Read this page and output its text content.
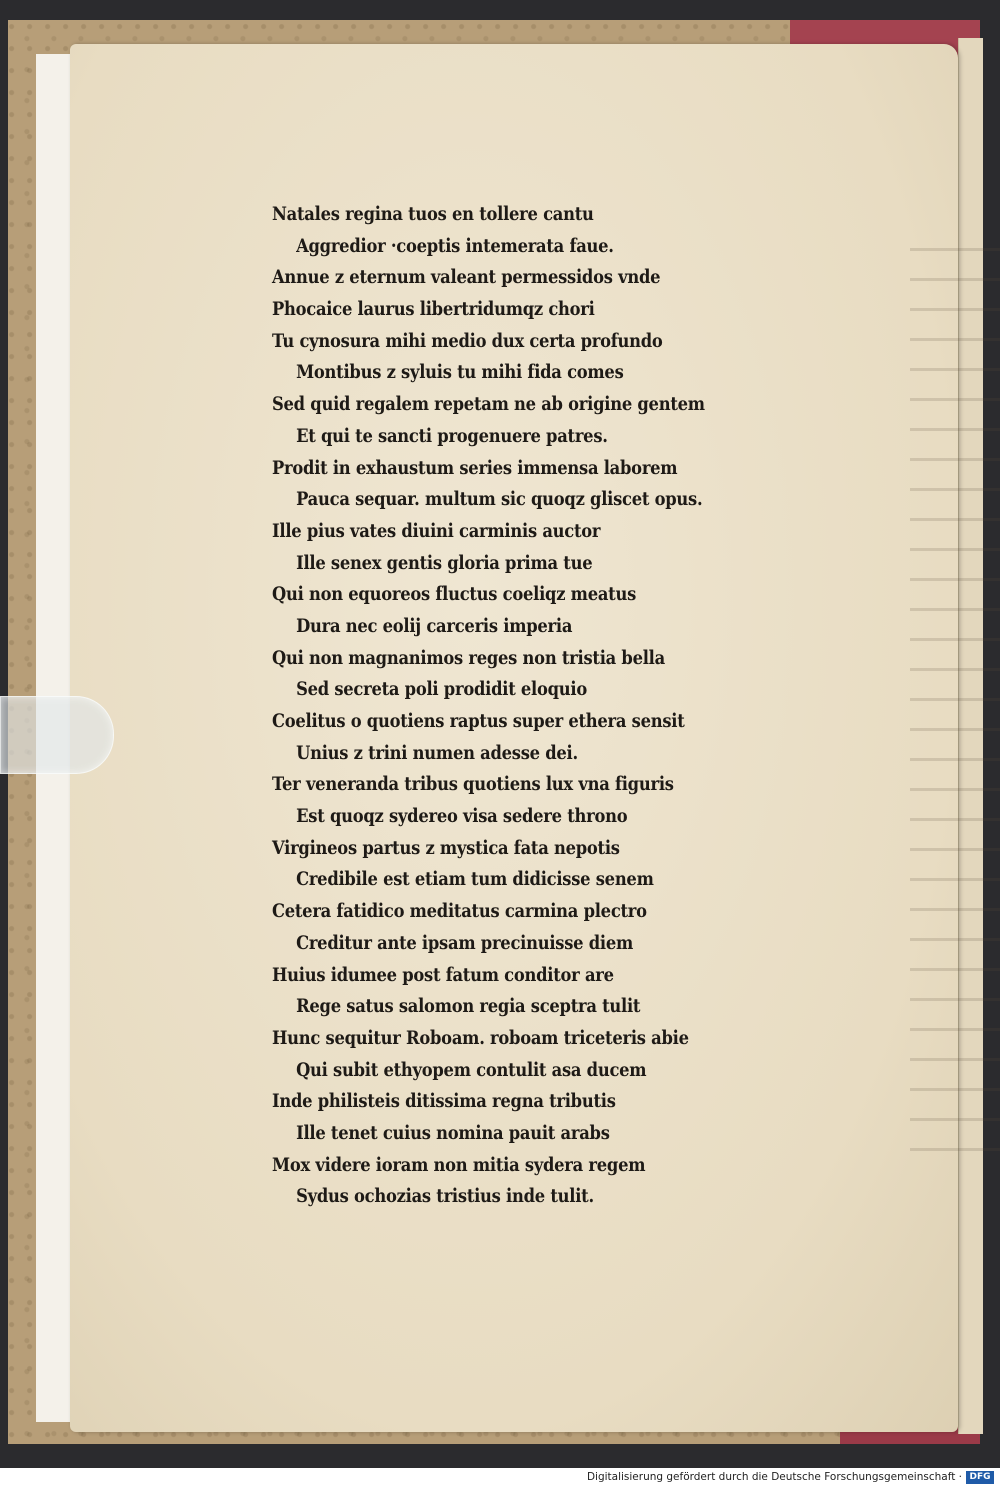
Natales regina tuos en tollere cantu
Aggredior ·coeptis intemerata faue.
Annue z eternum valeant permessidos vnde
Phocaice laurus libertridumqz chori
Tu cynosura mihi medio dux certa profundo
Montibus z syluis tu mihi fida comes
Sed quid regalem repetam ne ab origine gentem
Et qui te sancti progenuere patres.
Prodit in exhaustum series immensa laborem
Pauca sequar. multum sic quoqz gliscet opus.
Ille pius vates diuini carminis auctor
Ille senex gentis gloria prima tue
Qui non equoreos fluctus coeliqz meatus
Dura nec eolij carceris imperia
Qui non magnanimos reges non tristia bella
Sed secreta poli prodidit eloquio
Coelitus o quotiens raptus super ethera sensit
Unius z trini numen adesse dei.
Ter veneranda tribus quotiens lux vna figuris
Est quoqz sydereo visa sedere throno
Virgineos partus z mystica fata nepotis
Credibile est etiam tum didicisse senem
Cetera fatidico meditatus carmina plectro
Creditur ante ipsam precinuisse diem
Huius idumee post fatum conditor are
Rege satus salomon regia sceptra tulit
Hunc sequitur Roboam. roboam triceteris abie
Qui subit ethyopem contulit asa ducem
Inde philisteis ditissima regna tributis
Ille tenet cuius nomina pauit arabs
Mox videre ioram non mitia sydera regem
Sydus ochozias tristius inde tulit.
Digitalisierung gefördert durch die Deutsche Forschungsgemeinschaft · DFG
